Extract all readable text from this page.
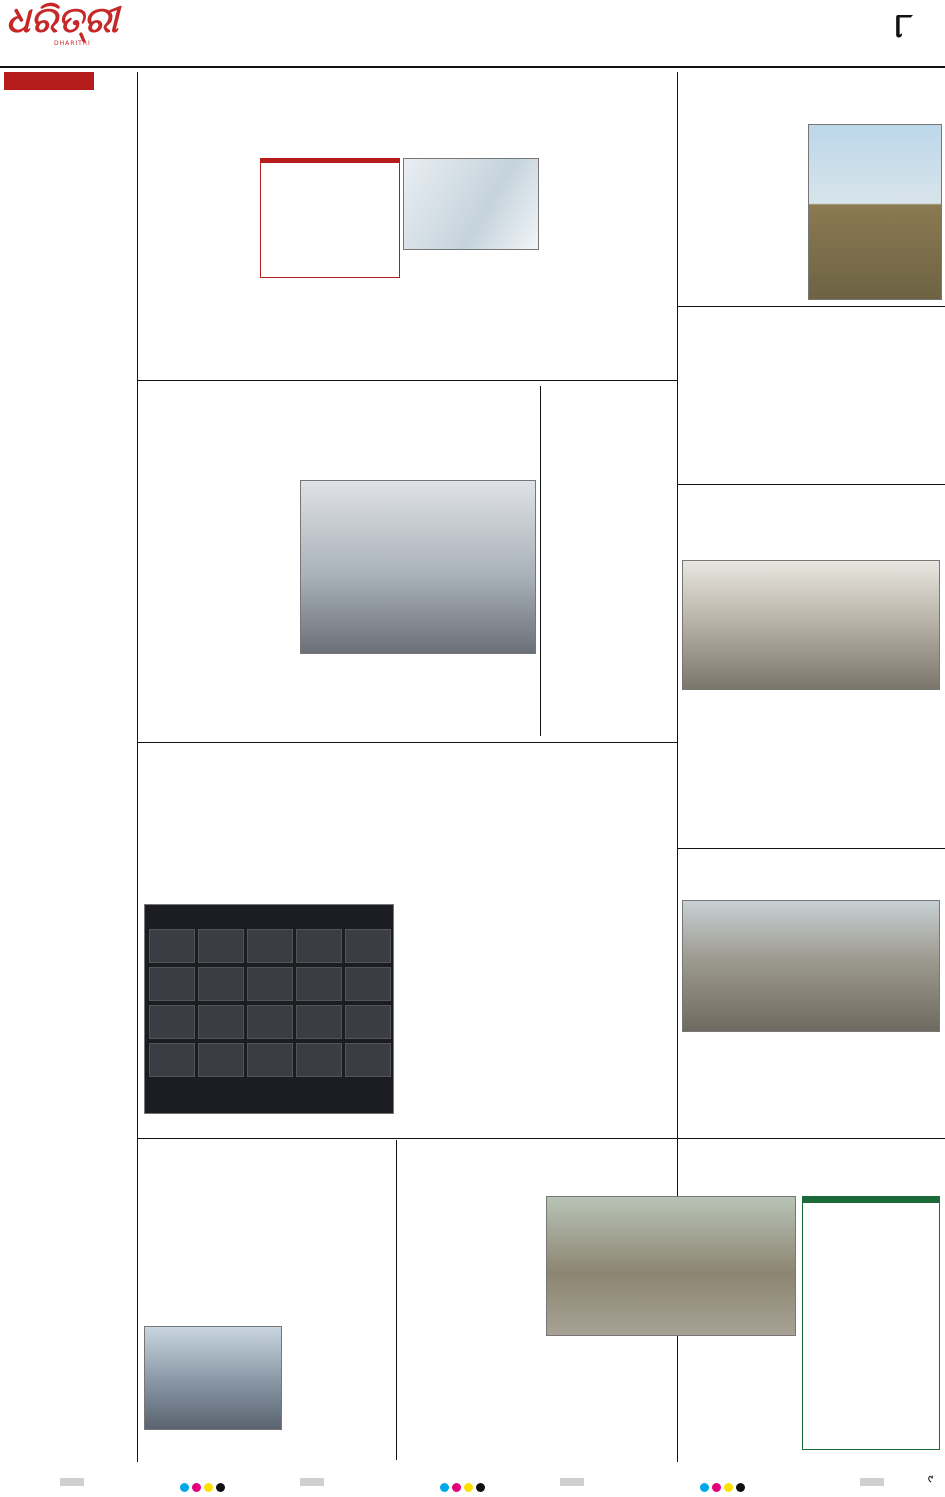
ଧରିତ୍ରୀ
DHARITRI	୮
୯
